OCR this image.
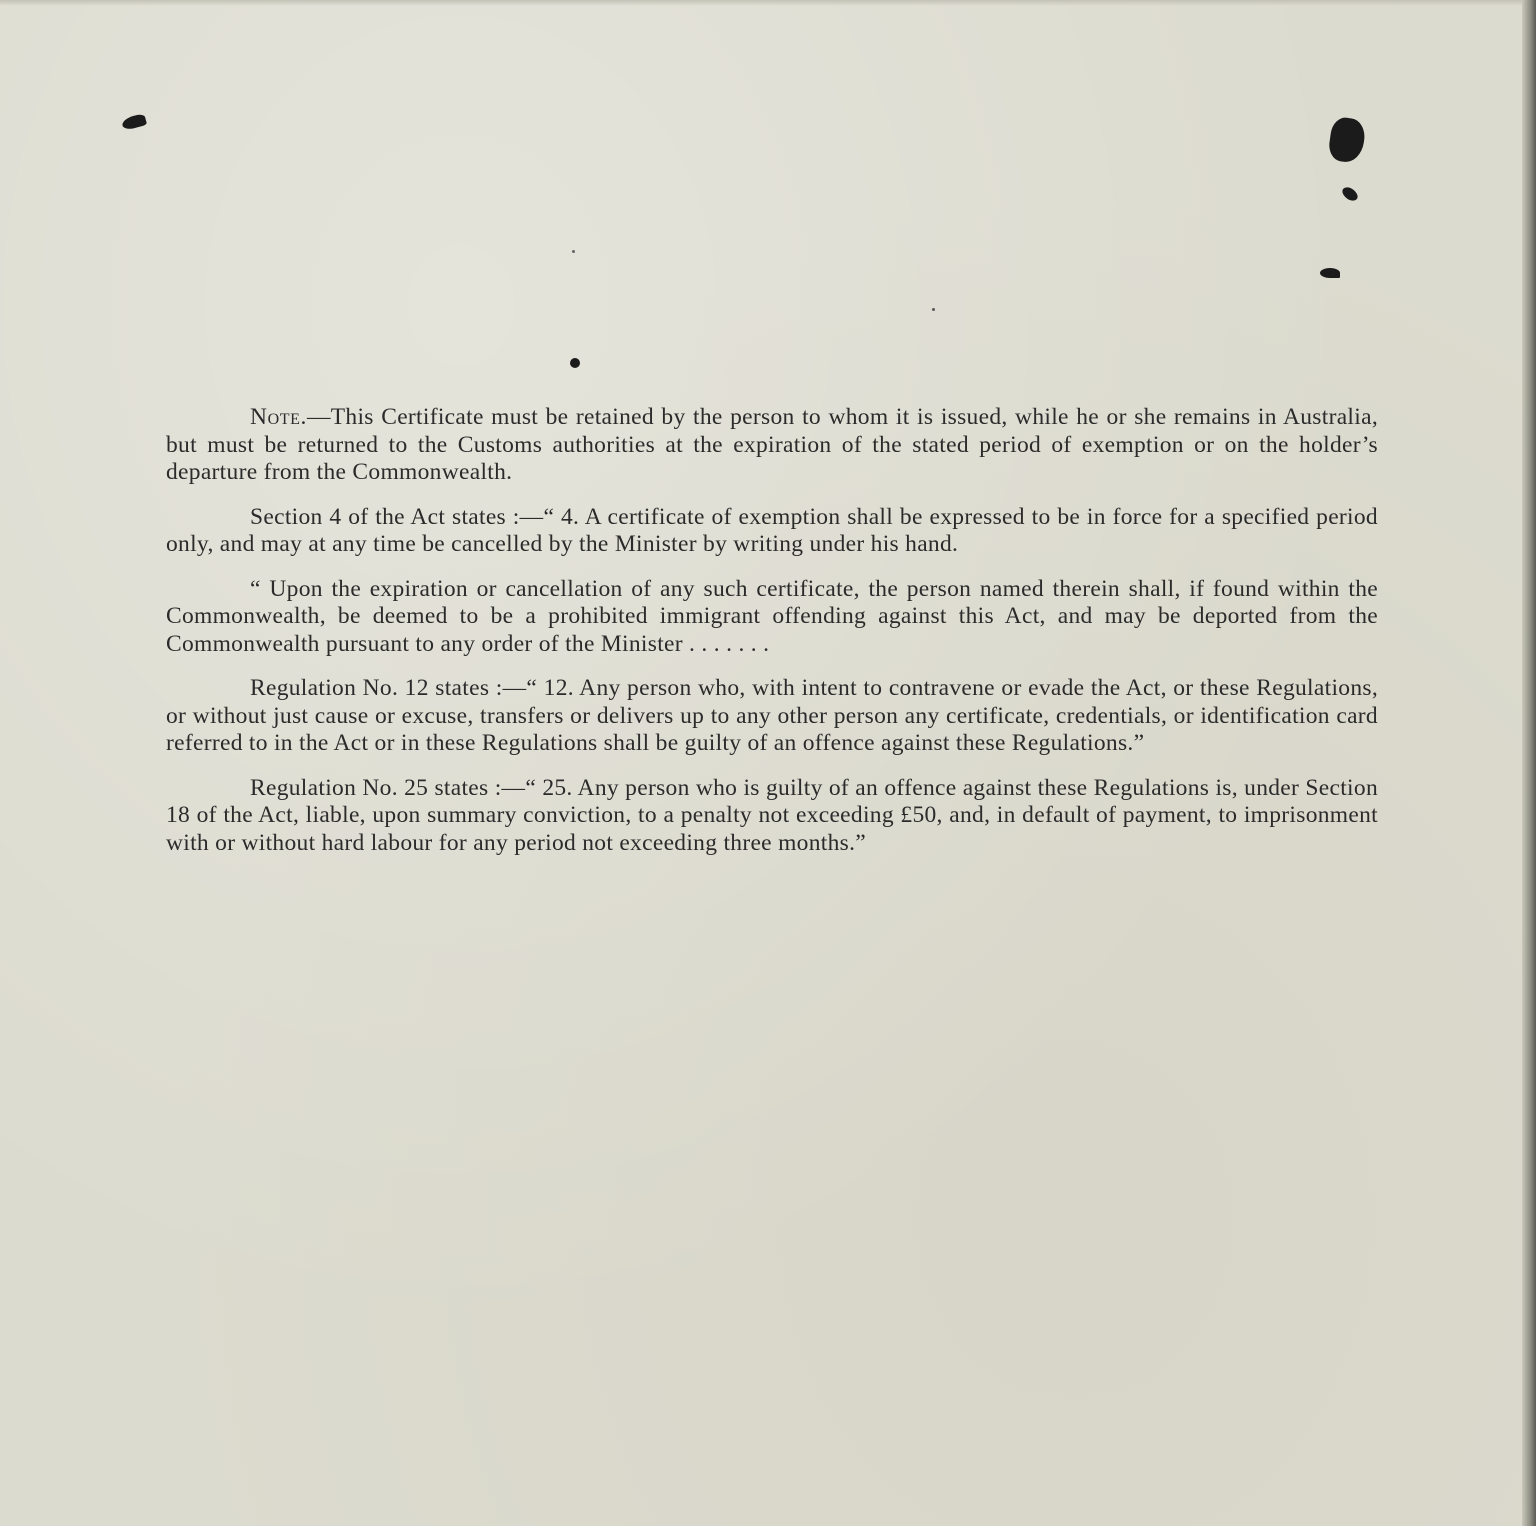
Note.—This Certificate must be retained by the person to whom it is issued, while he or she remains in Australia, but must be returned to the Customs authorities at the expiration of the stated period of exemption or on the holder’s departure from the Commonwealth.

Section 4 of the Act states :—“ 4. A certificate of exemption shall be expressed to be in force for a specified period only, and may at any time be cancelled by the Minister by writing under his hand.

“ Upon the expiration or cancellation of any such certificate, the person named therein shall, if found within the Commonwealth, be deemed to be a prohibited immigrant offending against this Act, and may be deported from the Commonwealth pursuant to any order of the Minister . . . . . . .

Regulation No. 12 states :—“ 12. Any person who, with intent to contravene or evade the Act, or these Regulations, or without just cause or excuse, transfers or delivers up to any other person any certificate, credentials, or identification card referred to in the Act or in these Regulations shall be guilty of an offence against these Regulations.”

Regulation No. 25 states :—“ 25. Any person who is guilty of an offence against these Regulations is, under Section 18 of the Act, liable, upon summary conviction, to a penalty not exceeding £50, and, in default of payment, to imprisonment with or without hard labour for any period not exceeding three months.”
